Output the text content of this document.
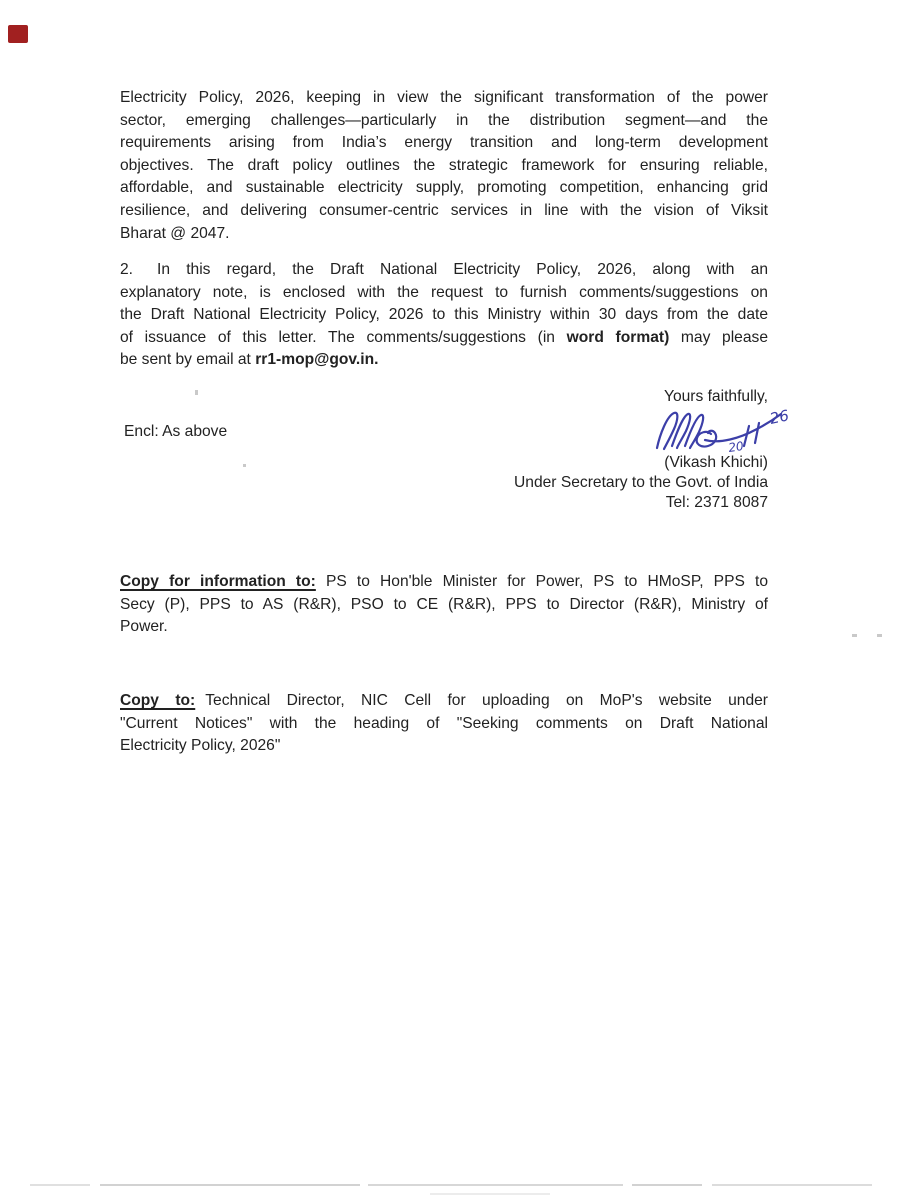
Electricity Policy, 2026, keeping in view the significant transformation of the power
sector, emerging challenges—particularly in the distribution segment—and the
requirements arising from India’s energy transition and long-term development
objectives. The draft policy outlines the strategic framework for ensuring reliable,
affordable, and sustainable electricity supply, promoting competition, enhancing grid
resilience, and delivering consumer-centric services in line with the vision of Viksit
Bharat @ 2047.
2. In this regard, the Draft National Electricity Policy, 2026, along with an
explanatory note, is enclosed with the request to furnish comments/suggestions on
the Draft National Electricity Policy, 2026 to this Ministry within 30 days from the date
of issuance of this letter. The comments/suggestions (in word format) may please
be sent by email at rr1-mop@gov.in.
Yours faithfully,
Encl: As above
20
26
(Vikash Khichi)
Under Secretary to the Govt. of India
Tel: 2371 8087
Copy for information to: PS to Hon'ble Minister for Power, PS to HMoSP, PPS to
Secy (P), PPS to AS (R&R), PSO to CE (R&R), PPS to Director (R&R), Ministry of
Power.
Copy to: Technical Director, NIC Cell for uploading on MoP's website under
"Current Notices" with the heading of "Seeking comments on Draft National
Electricity Policy, 2026"
